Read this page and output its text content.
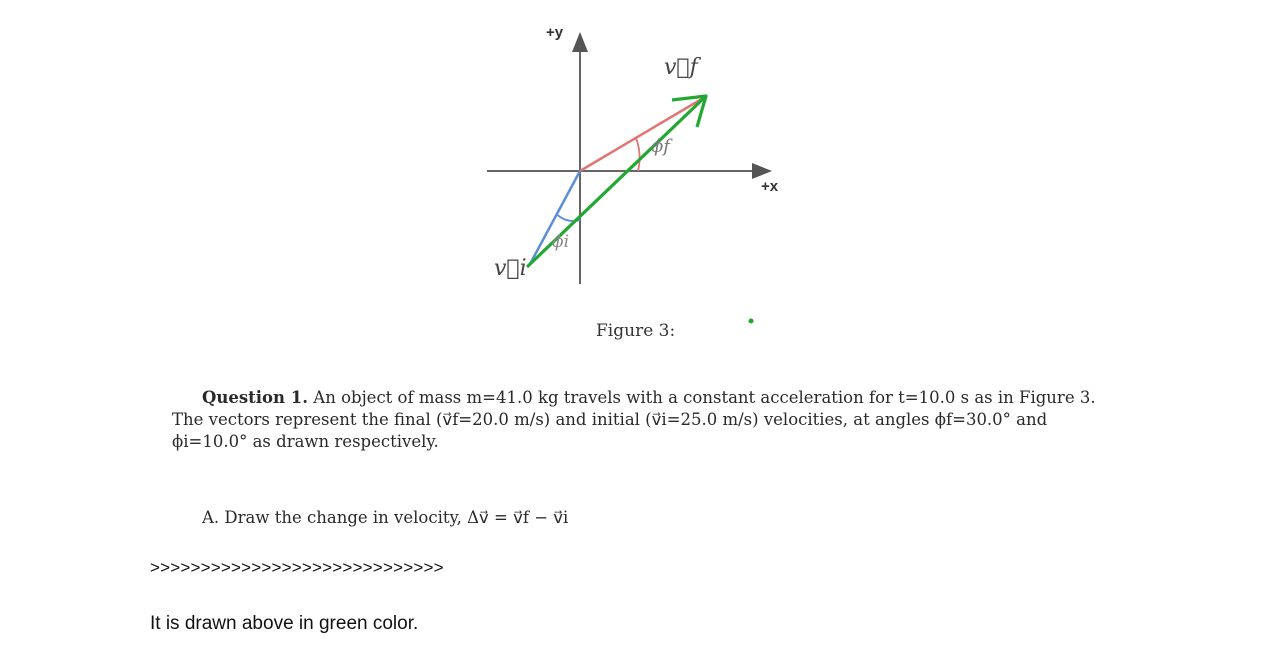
+y
+x
v⃗f
v⃗i
ϕf
ϕi
Figure 3:
Question 1. An object of mass m=41.0 kg travels with a constant acceleration for t=10.0 s as in Figure 3. The vectors represent the final (v⃗f=20.0 m/s) and initial (v⃗i=25.0 m/s) velocities, at angles ϕf=30.0° and ϕi=10.0° as drawn respectively.
A. Draw the change in velocity, Δv⃗ = v⃗f − v⃗i
>>>>>>>>>>>>>>>>>>>>>>>>>>>>>
It is drawn above in green color.
